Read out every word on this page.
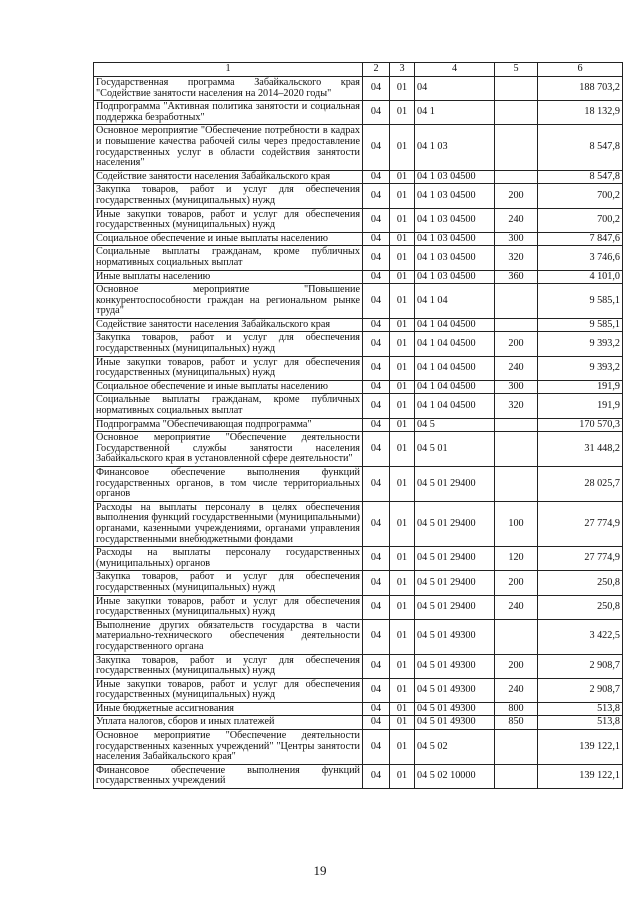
1	2	3	4	5	6
Государственная программа Забайкальского края "Содействие занятости населения на 2014–2020 годы"	04	01	04		188 703,2
Подпрограмма "Активная политика занятости и социальная поддержка безработных"	04	01	04 1		18 132,9
Основное мероприятие "Обеспечение потребности в кадрах и повышение качества рабочей силы через предоставление государственных услуг в области содействия занятости населения"	04	01	04 1 03		8 547,8
Содействие занятости населения Забайкальского края	04	01	04 1 03 04500		8 547,8
Закупка товаров, работ и услуг для обеспечения государственных (муниципальных) нужд	04	01	04 1 03 04500	200	700,2
Иные закупки товаров, работ и услуг для обеспечения государственных (муниципальных) нужд	04	01	04 1 03 04500	240	700,2
Социальное обеспечение и иные выплаты населению	04	01	04 1 03 04500	300	7 847,6
Социальные выплаты гражданам, кроме публичных нормативных социальных выплат	04	01	04 1 03 04500	320	3 746,6
Иные выплаты населению	04	01	04 1 03 04500	360	4 101,0
Основное мероприятие "Повышение конкурентоспособности граждан на региональном рынке труда"	04	01	04 1 04		9 585,1
Содействие занятости населения Забайкальского края	04	01	04 1 04 04500		9 585,1
Закупка товаров, работ и услуг для обеспечения государственных (муниципальных) нужд	04	01	04 1 04 04500	200	9 393,2
Иные закупки товаров, работ и услуг для обеспечения государственных (муниципальных) нужд	04	01	04 1 04 04500	240	9 393,2
Социальное обеспечение и иные выплаты населению	04	01	04 1 04 04500	300	191,9
Социальные выплаты гражданам, кроме публичных нормативных социальных выплат	04	01	04 1 04 04500	320	191,9
Подпрограмма "Обеспечивающая подпрограмма"	04	01	04 5		170 570,3
Основное мероприятие "Обеспечение деятельности Государственной службы занятости населения Забайкальского края в установленной сфере деятельности"	04	01	04 5 01		31 448,2
Финансовое обеспечение выполнения функций государственных органов, в том числе территориальных органов	04	01	04 5 01 29400		28 025,7
Расходы на выплаты персоналу в целях обеспечения выполнения функций государственными (муниципальными) органами, казенными учреждениями, органами управления государственными внебюджетными фондами	04	01	04 5 01 29400	100	27 774,9
Расходы на выплаты персоналу государственных (муниципальных) органов	04	01	04 5 01 29400	120	27 774,9
Закупка товаров, работ и услуг для обеспечения государственных (муниципальных) нужд	04	01	04 5 01 29400	200	250,8
Иные закупки товаров, работ и услуг для обеспечения государственных (муниципальных) нужд	04	01	04 5 01 29400	240	250,8
Выполнение других обязательств государства в части материально-технического обеспечения деятельности государственного органа	04	01	04 5 01 49300		3 422,5
Закупка товаров, работ и услуг для обеспечения государственных (муниципальных) нужд	04	01	04 5 01 49300	200	2 908,7
Иные закупки товаров, работ и услуг для обеспечения государственных (муниципальных) нужд	04	01	04 5 01 49300	240	2 908,7
Иные бюджетные ассигнования	04	01	04 5 01 49300	800	513,8
Уплата налогов, сборов и иных платежей	04	01	04 5 01 49300	850	513,8
Основное мероприятие "Обеспечение деятельности государственных казенных учреждений" "Центры занятости населения Забайкальского края"	04	01	04 5 02		139 122,1
Финансовое обеспечение выполнения функций государственных учреждений	04	01	04 5 02 10000		139 122,1
19
